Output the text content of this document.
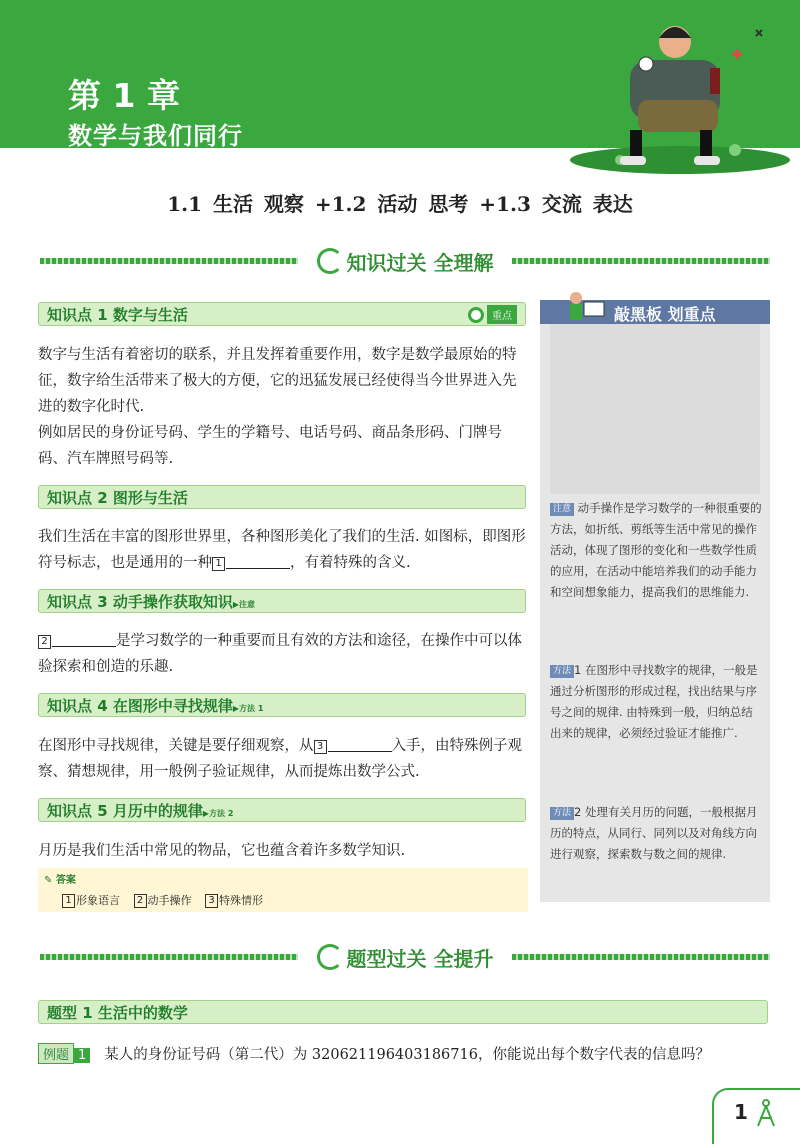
第 1 章
数学与我们同行
1.1 生活 观察 +1.2 活动 思考 +1.3 交流 表达
知识过关 全理解
知识点 1 数字与生活	重点
数字与生活有着密切的联系，并且发挥着重要作用，数字是数学最原始的特征，数字给生活带来了极大的方便，它的迅猛发展已经使得当今世界进入先进的数字化时代.
例如居民的身份证号码、学生的学籍号、电话号码、商品条形码、门牌号码、汽车牌照号码等.
知识点 2 图形与生活
我们生活在丰富的图形世界里，各种图形美化了我们的生活. 如图标，即图形符号标志，也是通用的一种 1	，有着特殊的含义.
知识点 3 动手操作获取知识▶注意
2	是学习数学的一种重要而且有效的方法和途径，在操作中可以体验探索和创造的乐趣.
知识点 4 在图形中寻找规律▶方法 1
在图形中寻找规律，关键是要仔细观察，从 3	入手，由特殊例子观察、猜想规律，用一般例子验证规律，从而提炼出数学公式.
知识点 5 月历中的规律▶方法 2
月历是我们生活中常见的物品，它也蕴含着许多数学知识.
✎ 答案
1 形象语言 2 动手操作 3 特殊情形
敲黑板 划重点
注意 动手操作是学习数学的一种很重要的方法，如折纸、剪纸等生活中常见的操作活动，体现了图形的变化和一些数学性质的应用，在活动中能培养我们的动手能力和空间想象能力，提高我们的思维能力.
方法 1 在图形中寻找数字的规律，一般是通过分析图形的形成过程，找出结果与序号之间的规律. 由特殊到一般，归纳总结出来的规律，必须经过验证才能推广.
方法 2 处理有关月历的问题，一般根据月历的特点，从同行、同列以及对角线方向进行观察，探索数与数之间的规律.
题型过关 全提升
题型 1 生活中的数学
例题 1 某人的身份证号码（第二代）为 320621196403186716，你能说出每个数字代表的信息吗？
1
